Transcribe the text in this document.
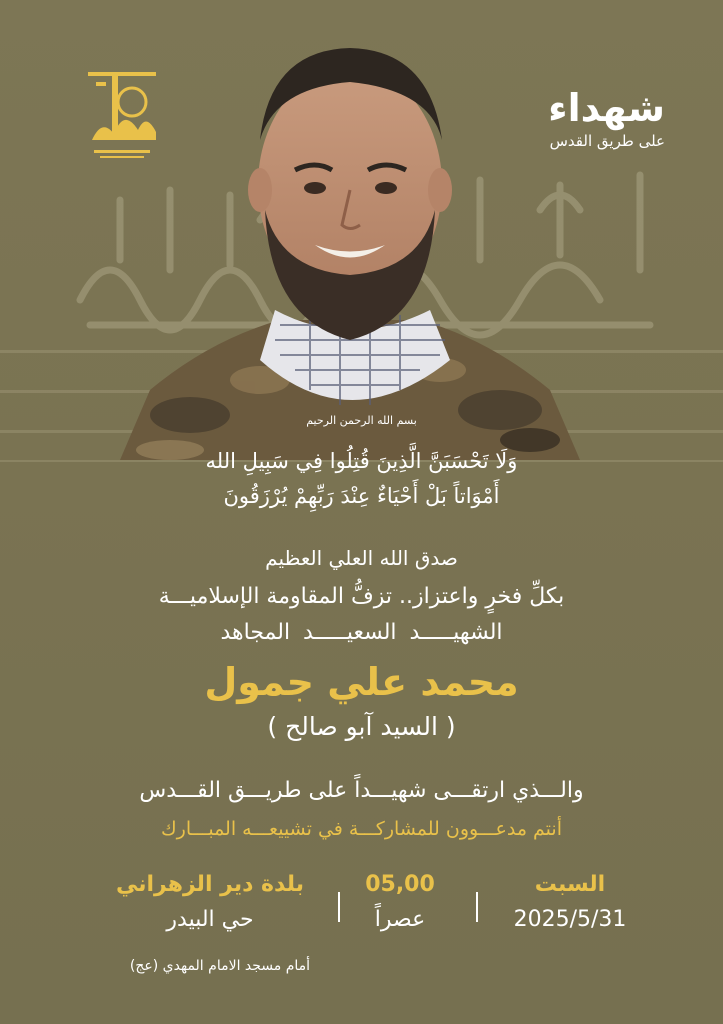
شهداء
على طريق القدس
بسم الله الرحمن الرحيم
وَلَا تَحْسَبَنَّ الَّذِينَ قُتِلُوا فِي سَبِيلِ الله
أَمْوَاتاً بَلْ أَحْيَاءٌ عِنْدَ رَبِّهِمْ يُرْزَقُونَ
صدق الله العلي العظيم
بكلِّ فخرٍ واعتزاز.. تزفُّ المقاومة الإسلاميـــة
الشهيـــــد السعيـــــد المجاهد
محمد علي جمول
( السيد آبو صالح )
والـــذي ارتقـــى شهيـــداً على طريـــق القـــدس
أنتم مدعـــوون للمشاركـــة في تشييعـــه المبـــارك
السبت
2025/5/31
05,00
عصراً
بلدة دير الزهراني
حي البيدر
أمام مسجد الامام المهدي (عج)
